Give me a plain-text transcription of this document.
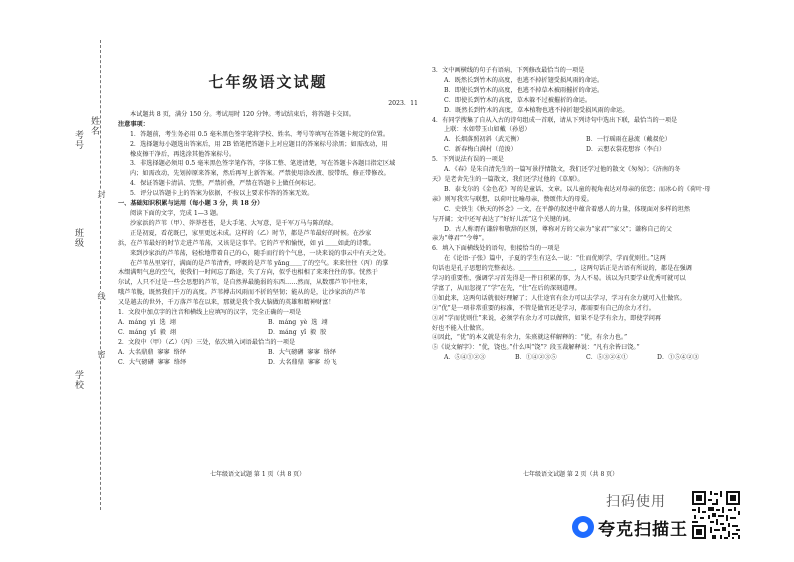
考号
姓名
班级
学校
封
线
密
七年级语文试题
2023．11

本试题共 8 页，满分 150 分。考试用时 120 分钟。考试结束后，将答题卡交回。

注意事项：

1．答题前，考生务必用 0.5 毫米黑色签字笔将学校、姓名、考号等填写在答题卡规定的位置。

2．选择题每小题选出答案后，用 2B 铅笔把答题卡上对应题目的答案标号涂黑；如需改动，用

橡皮擦干净后，再选涂其他答案标号。

3．非选择题必须用 0.5 毫米黑色签字笔作答，字体工整、笔迹清楚，写在答题卡各题目指定区域

内；如需改动，先划掉原来答案，然后再写上新答案。严禁使用涂改液、胶带纸、修正带修改。

4．保证答题卡清洁、完整，严禁折叠，严禁在答题卡上做任何标记。

5．评分以答题卡上的答案为依据，不按以上要求作答的答案无效。

一、基础知识积累与运用（每小题 3 分，共 18 分）

阅读下面的文字，完成 1—3 题。

沙家浜的芦苇（甲）、莽莽苍苍，是大手笔、大写意，是千军万马与陈的绿。

正是初夏，看花既已，家里更远未成。这样的（乙）时节，都是芦苇最好的时候。在沙家

浜，在芦苇最好的时节走进芦苇荡，又该是这事半。它的芦平和愉悦，如 yì ＿＿如此的诗歌。

来到沙家浜的芦苇荡，轻松地带着自己的心，随手而行的个气息，一块来说的事云中有天之处。

在芦苇丛里穿行，满面的是芦苇清香，呼吸的是芦苇 yǎng＿＿了的空气。来来往往（丙）的掌

木缀满明气息的空气，使我们一时间忘了路途，失了方向，似乎也相相了来来往往的事。恍然于

尔试，人只不过是一些会思想的芦苇，是自然界最脆弱的东西……然而，从数那芦苇中往来，

哦芦苇脆，既然我们千万的高度。芦苇搏击风雨而不折的坚韧；能从的是，让沙家浜的芦苇

又是越去的世外，千万落芦苇在以来，那就是我个我大脑做的英雄和精神财富！

1．文段中加点字的注音和横线上应填写的汉字，完全正确的一项是

A．máng yì 选 翊	B．máng yè 选 翊
C．máng yǐ 毅 翊	D．máng yǐ 毅 胶

2．文段中（甲）（乙）（丙）三处，依次填入词语最恰当的一项是

A．大名鼎鼎 寥寥 络绎	B．大气磅礴 寥寥 络绎
C．大气磅礴 寥寥 络绎	D．大名鼎鼎 寥寥 纷飞

3．文中画横线的句子有语病，下列修改最恰当的一项是

A．既然长到竹木的高度，也逃不掉折翅受损风雨的命运。

B．即使长到竹木的高度，也逃不掉草木被雨摧折的命运。

C．即使长到竹木的高度，草木躲不过被摧折的命运。

D．既然长到竹木的高度，草本植物也逃不掉折翅受损风雨的命运。

4．有同学搜集了自从入古的诗句组成一首联，请从下列诗句中选出下联，最恰当的一项是

上联：水如带玉山如戴（孙恩）

A．长烟落照初斜（武元衡）	B．一行瑶雨在悬流（戴叔伦）
C．新春梅白满村（范浚）	D．云想衣裳花想容（李白）

5．下列说法有误的一项是

A．《春》是朱自清先生的一篇写景抒情散文，我们还学过他的散文《匆匆》；《济南的冬

天》是老舍先生的一篇散文，我们还学过他的《草原》。

B．泰戈尔的《金色花》写的是童话、文章。以儿童的视角表达对母亲的依恋；而冰心的《荷叶·母

亲》则写我实与联想，以荷叶比喻母亲，赞颂伟大的母爱。

C．史铁生《秋天的怀念》一文，在平静的叙述中蕴含着感人的力量，体现面对多样的坦然

与开阔；文中还写表达了“好好儿活”这个关键的词。

D．古人称谓有谦辞和敬辞的区别，尊称对方的父亲为“家君”“家父”；谦称自己的父

亲为“尊君”“令尊”。

6．填入下面横线处的语句，衔接恰当的一项是

在《论语·子张》篇中，子夏的学生有这么一说：“仕而优则学，学而优则仕。”这两

句话也是孔子思想的完整表达。＿＿＿＿＿＿＿＿＿，这两句话正是古语有所说的，都是在强调

学习的重要性，强调学习首先得是一件日积累的事，为人不易。该以为只要学业优秀可就可以

学富了，从而忽视了“学”在先，“仕”在后的深刻道理。

①如此来，这两句话就很好理解了；人仕途官有余力可以去学习，学习有余力就可入仕做官。

②“优”是一项非常重要的标准，不管是做官还是学习，都需要有自己的余力才行。

③对“学而优则仕”来说，必须学有余力才可以做官，如果不是学有余力，即使学问再

好也不能入仕做官。

④因此，“优”的本义就是有余力，朱熹就这样解释的：“优，有余力也。”

⑤《说文解字》：“优，饶也。”什么叫“饶”？段玉裁解释说：“凡有余皆曰饶。”

A．⑤④①②③	B．①④②③⑤	C．⑤③②④①	D．①⑤④②③
七年级语文试题 第 1 页（共 8 页）	七年级语文试题 第 2 页（共 8 页）
扫码使用
夸克扫描王
